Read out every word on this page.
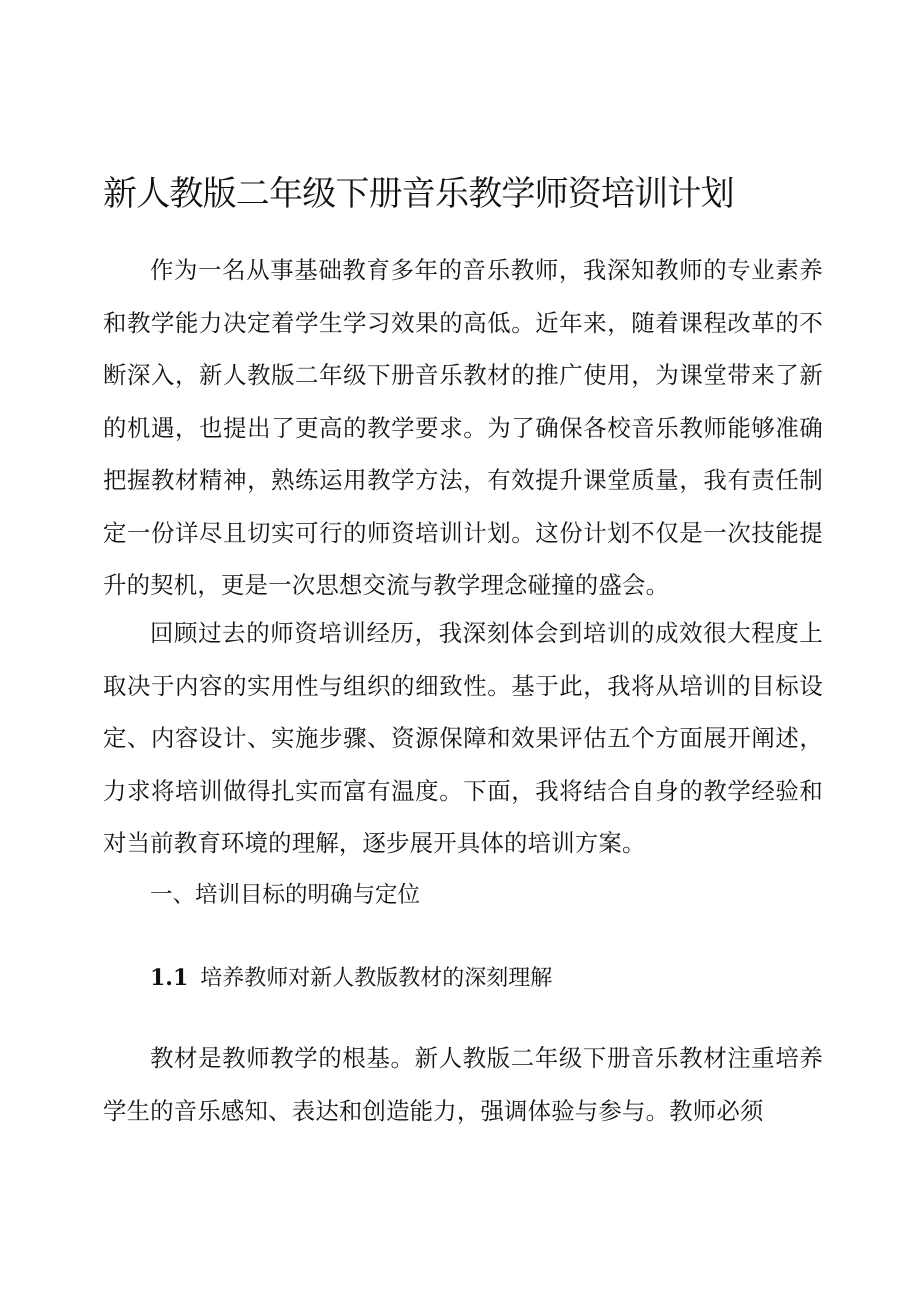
新人教版二年级下册音乐教学师资培训计划

作为一名从事基础教育多年的音乐教师，我深知教师的专业素养和教学能力决定着学生学习效果的高低。近年来，随着课程改革的不断深入，新人教版二年级下册音乐教材的推广使用，为课堂带来了新的机遇，也提出了更高的教学要求。为了确保各校音乐教师能够准确把握教材精神，熟练运用教学方法，有效提升课堂质量，我有责任制定一份详尽且切实可行的师资培训计划。这份计划不仅是一次技能提升的契机，更是一次思想交流与教学理念碰撞的盛会。

回顾过去的师资培训经历，我深刻体会到培训的成效很大程度上取决于内容的实用性与组织的细致性。基于此，我将从培训的目标设定、内容设计、实施步骤、资源保障和效果评估五个方面展开阐述，力求将培训做得扎实而富有温度。下面，我将结合自身的教学经验和对当前教育环境的理解，逐步展开具体的培训方案。

一、培训目标的明确与定位
1.1 培养教师对新人教版教材的深刻理解

教材是教师教学的根基。新人教版二年级下册音乐教材注重培养学生的音乐感知、表达和创造能力，强调体验与参与。教师必须
